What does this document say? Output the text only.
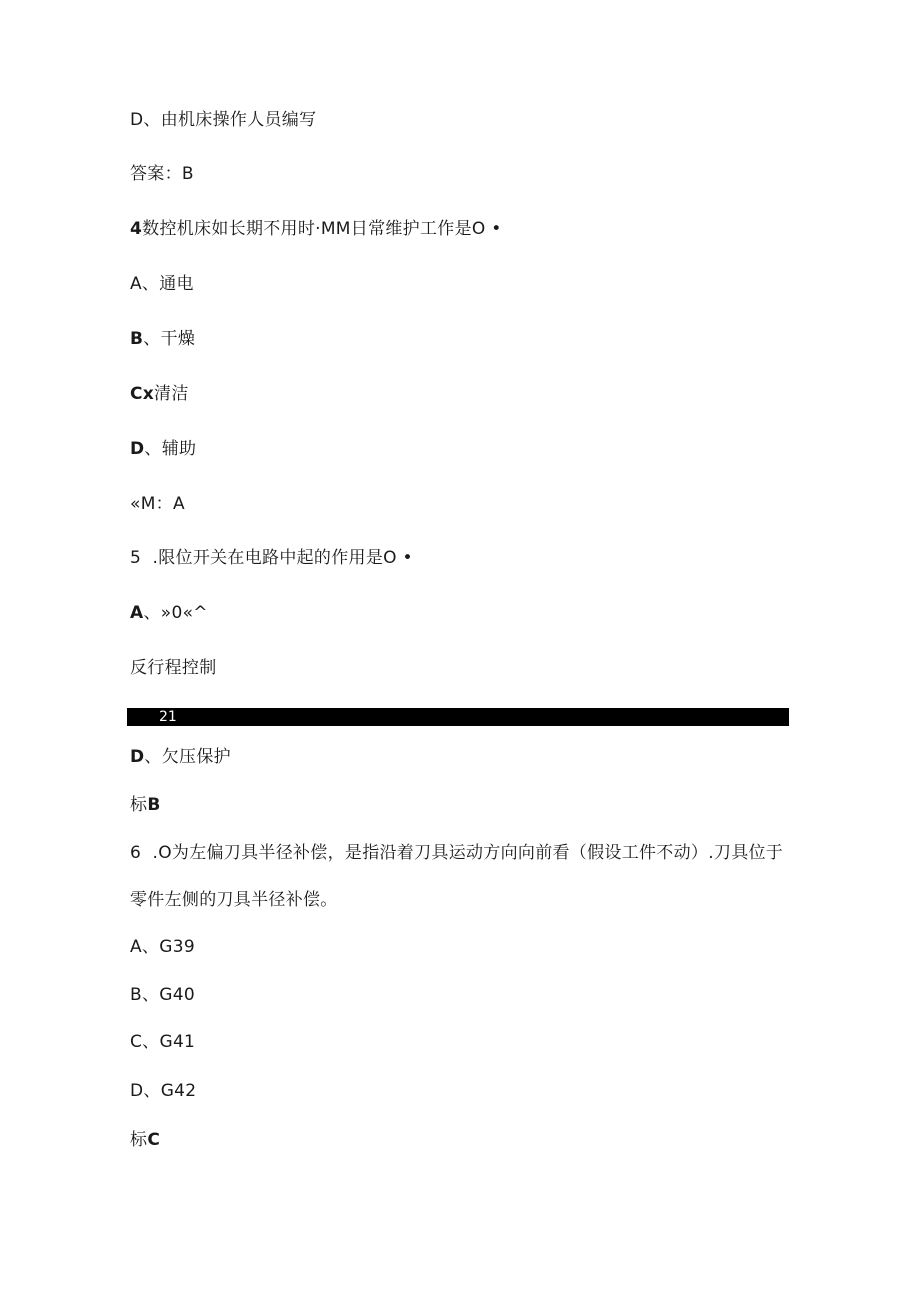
D、由机床操作人员编写
答案：B
4数控机床如长期不用时·MM日常维护工作是O •
A、通电
B、干燥
Cx清洁
D、辅助
«M：A
5  .限位开关在电路中起的作用是O •
A、»0«^
反行程控制
21
D、欠压保护
标B
6  .O为左偏刀具半径补偿，是指沿着刀具运动方向向前看（假设工件不动）.刀具位于
零件左侧的刀具半径补偿。
A、G39
B、G40
C、G41
D、G42
标C
